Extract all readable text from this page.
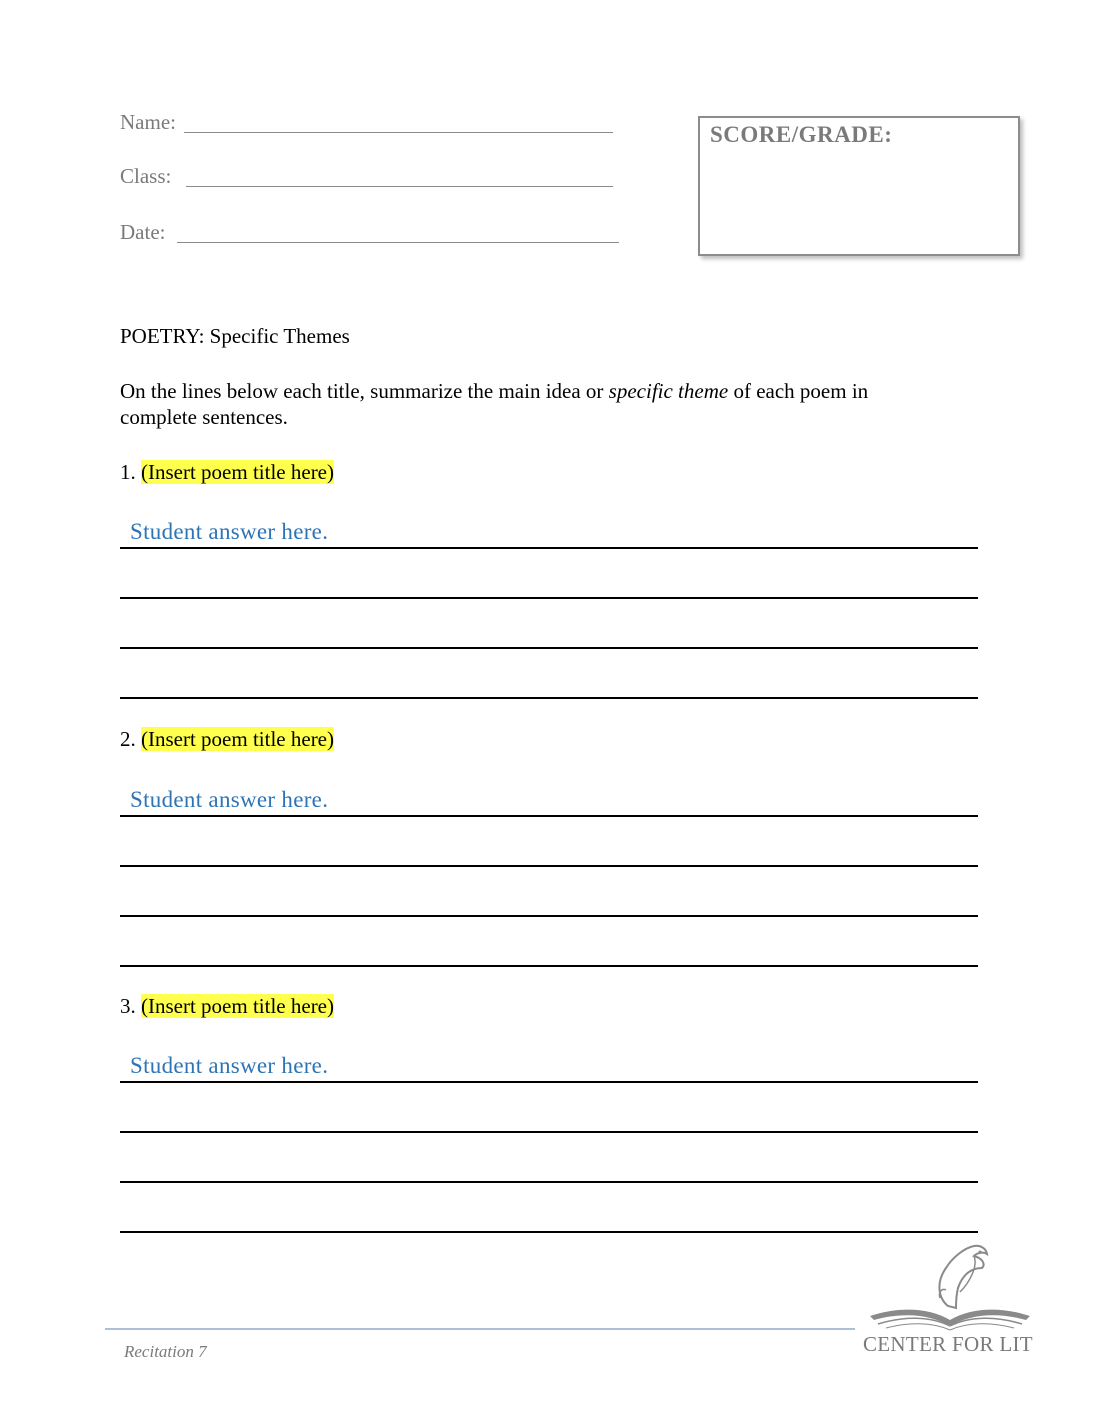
Name:
Class:
Date:
SCORE/GRADE:
POETRY: Specific Themes
On the lines below each title, summarize the main idea or specific theme of each poem in complete sentences.
1. (Insert poem title here)
Student answer here.
2. (Insert poem title here)
Student answer here.
3. (Insert poem title here)
Student answer here.
Recitation 7	CENTER FOR LIT
